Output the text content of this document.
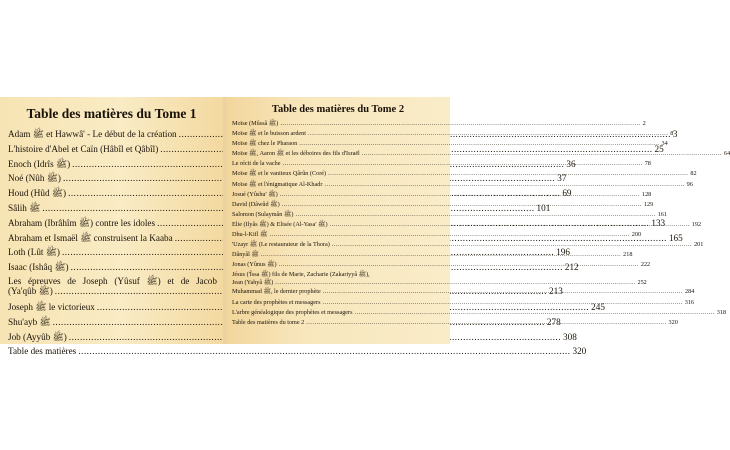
Table des matières du Tome 1
Adam ﷺ et Hawwâ' - Le début de la création .....	3
L'histoire d'Abel et Caïn (Hâbîl et Qâbîl) .....	25
Enoch (Idrîs ﷺ) .....	36
Noé (Nûh ﷺ) .....	37
Houd (Hûd ﷺ) .....	69
Sâlih ﷺ .....	101
Abraham (Ibrâhîm ﷺ) contre les idoles .....	133
Abraham et Ismaël ﷺ construisent la Kaaba .....	165
Loth (Lût ﷺ) .....	196
Isaac (Ishâq ﷺ) .....	212
Les épreuves de Joseph (Yûsuf ﷺ) et de Jacob
(Ya'qûb ﷺ) .....	213
Joseph ﷺ le victorieux .....	245
Shu'ayb ﷺ .....	278
Job (Ayyûb ﷺ) .....	308
Table des matières .....	320
Table des matières du Tome 2
Moïse (Mûssâ ﷺ) .....	2
Moïse ﷺ et le buisson ardent .....	8
Moïse ﷺ chez le Pharaon .....	34
Moïse ﷺ, Aaron ﷺ et les déboires des fils d'Israël .....	64
Le récit de la vache .....	78
Moïse ﷺ et le vaniteux Qârûn (Coré) .....	82
Moïse ﷺ et l'énigmatique Al-Khadr .....	96
Josué (Yûshu' ﷺ) .....	128
David (Dâwûd ﷺ) .....	129
Salomon (Sulaymân ﷺ) .....	161
Elie (Ilyâs ﷺ) & Elisée (Al-Yasa' ﷺ) .....	192
Dhu-l-Kifl ﷺ .....	200
'Uzayr ﷺ (Le restaurateur de la Thora) .....	201
Dânyâl ﷺ .....	218
Jonas (Yûnus ﷺ) .....	222
Jésus ('Îssa ﷺ) fils de Marie, Zacharie (Zakariyyâ ﷺ),
Jean (Yahyâ ﷺ) .....	252
Muhammad ﷺ, le dernier prophète .....	284
La carte des prophètes et messagers .....	316
L'arbre généalogique des prophètes et messagers .....	318
Table des matières du tome 2 .....	320
